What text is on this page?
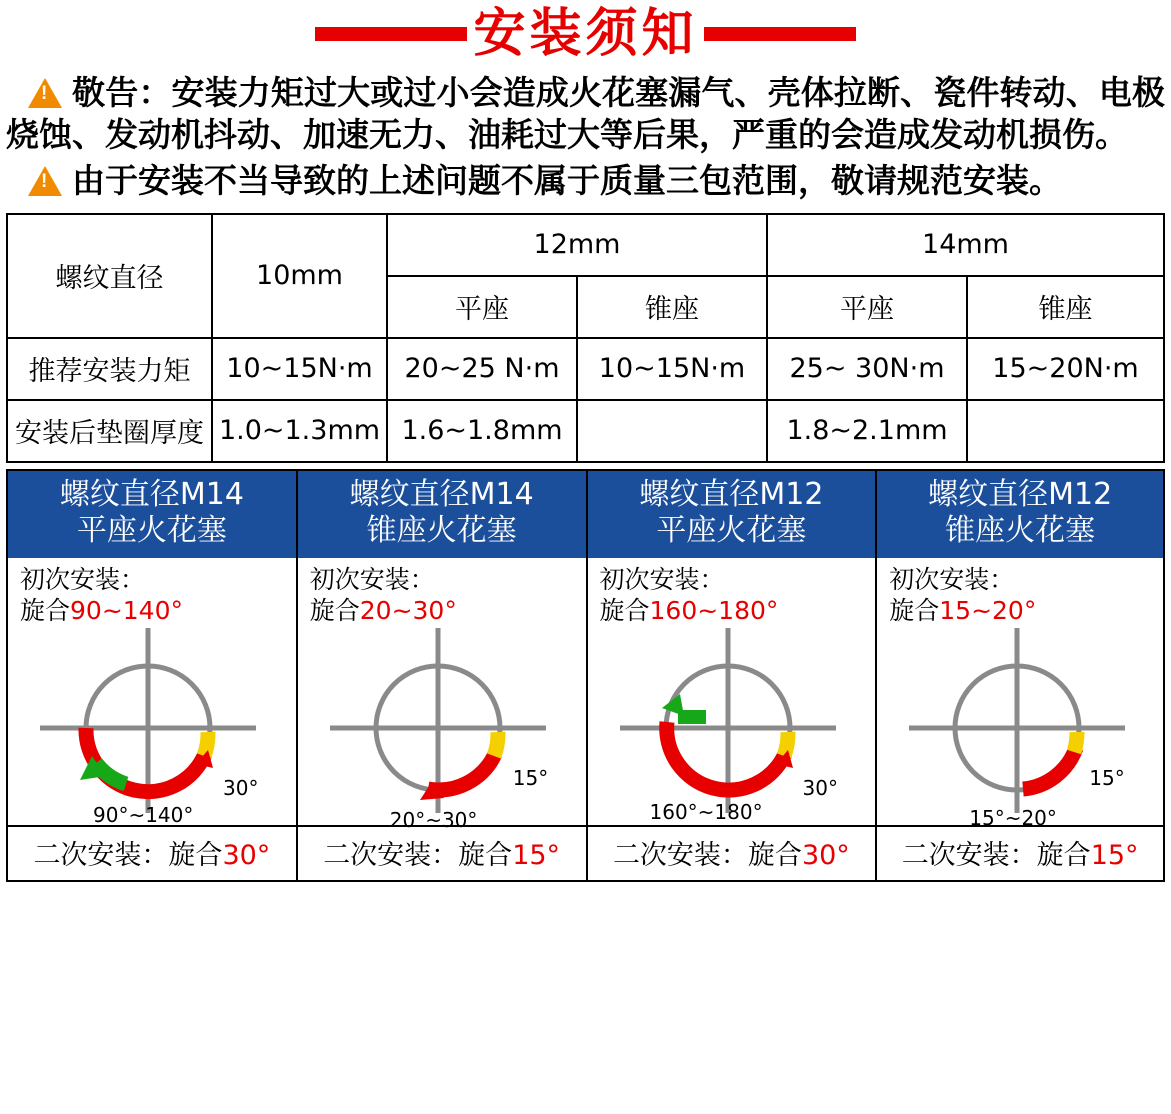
安装须知
!敬告：安装力矩过大或过小会造成火花塞漏气、壳体拉断、瓷件转动、电极烧蚀、发动机抖动、加速无力、油耗过大等后果，严重的会造成发动机损伤。
!由于安装不当导致的上述问题不属于质量三包范围，敬请规范安装。
螺纹直径	10mm	12mm		14mm	
		平座	锥座	平座	锥座
推荐安装力矩	10~15N·m	20~25 N·m	10~15N·m	25~ 30N·m	15~20N·m
安装后垫圈厚度	1.0~1.3mm	1.6~1.8mm		1.8~2.1mm	
螺纹直径M14
平座火花塞
初次安装：
旋合90~140°
90°~140°
30°
二次安装：旋合30°
螺纹直径M14
锥座火花塞
初次安装：
旋合20~30°
20°~30°
15°
二次安装：旋合15°
螺纹直径M12
平座火花塞
初次安装：
旋合160~180°
160°~180°
30°
二次安装：旋合30°
螺纹直径M12
锥座火花塞
初次安装：
旋合15~20°
15°~20°
15°
二次安装：旋合15°
